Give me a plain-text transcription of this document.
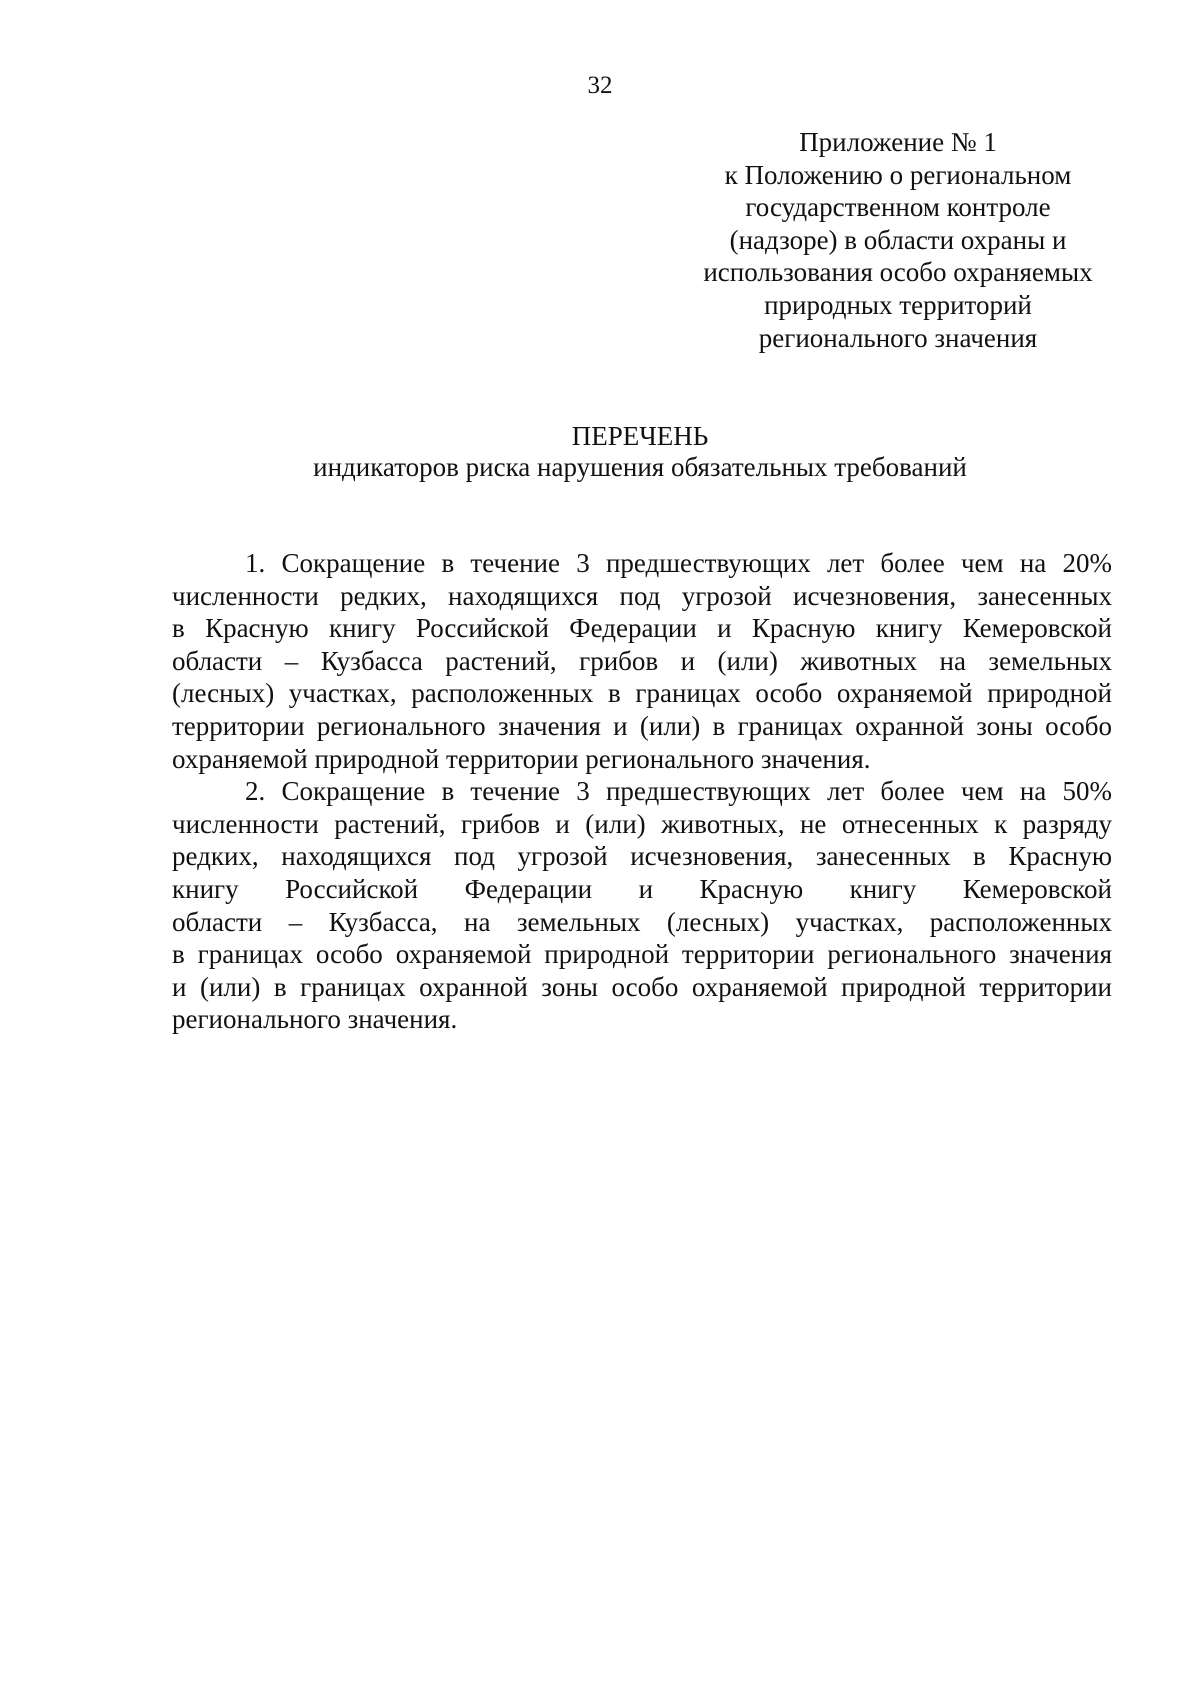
32
Приложение № 1
к Положению о региональном
государственном контроле
(надзоре) в области охраны и
использования особо охраняемых
природных территорий
регионального значения
ПЕРЕЧЕНЬ
индикаторов риска нарушения обязательных требований

1. Сокращение в течение 3 предшествующих лет более чем на 20%
численности редких, находящихся под угрозой исчезновения, занесенных
в Красную книгу Российской Федерации и Красную книгу Кемеровской
области – Кузбасса растений, грибов и (или) животных на земельных
(лесных) участках, расположенных в границах особо охраняемой природной
территории регионального значения и (или) в границах охранной зоны особо
охраняемой природной территории регионального значения.

2. Сокращение в течение 3 предшествующих лет более чем на 50%
численности растений, грибов и (или) животных, не отнесенных к разряду
редких, находящихся под угрозой исчезновения, занесенных в Красную
книгу Российской Федерации и Красную книгу Кемеровской
области – Кузбасса, на земельных (лесных) участках, расположенных
в границах особо охраняемой природной территории регионального значения
и (или) в границах охранной зоны особо охраняемой природной территории
регионального значения.
